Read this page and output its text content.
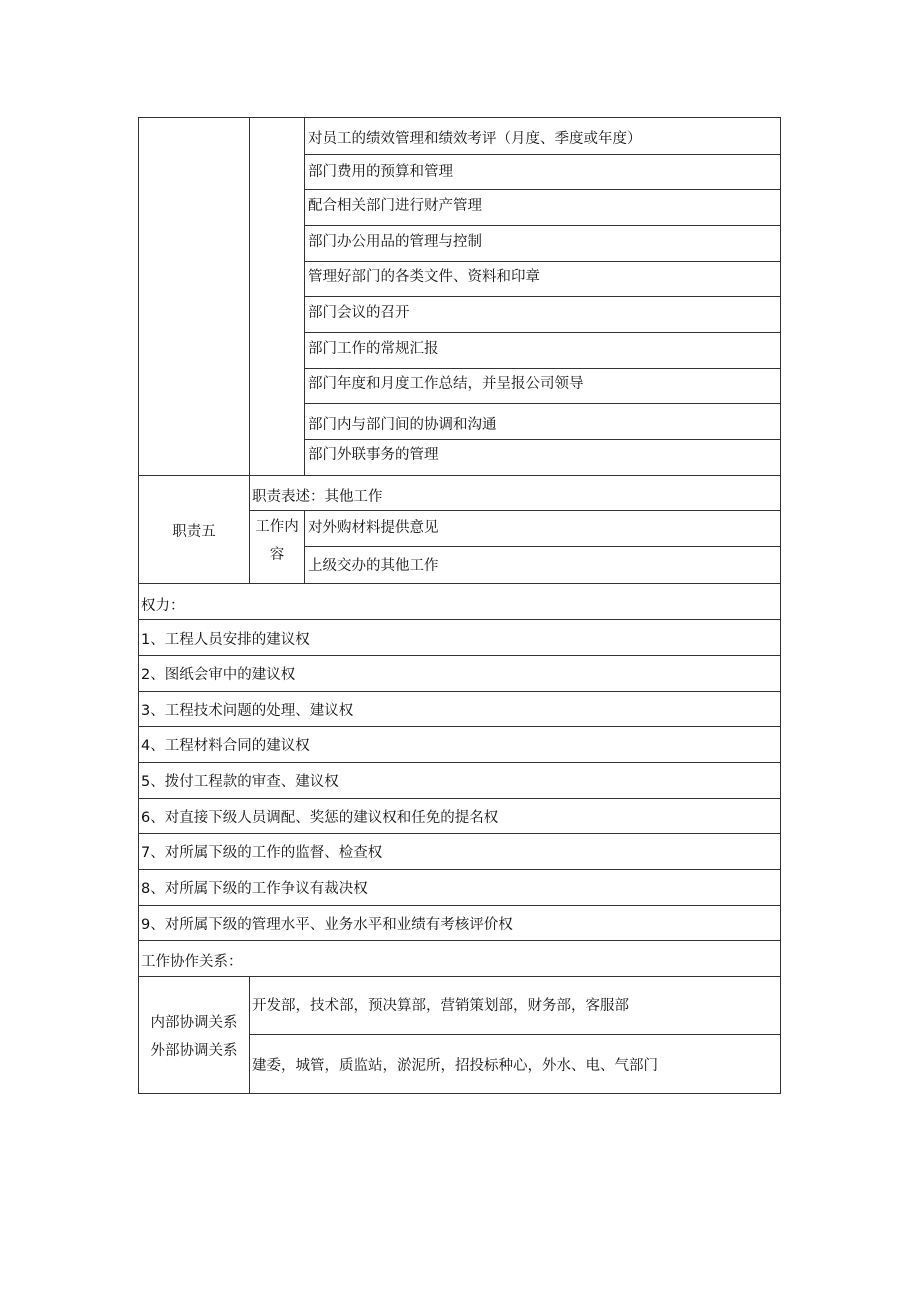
对员工的绩效管理和绩效考评（月度、季度或年度）
部门费用的预算和管理
配合相关部门进行财产管理
部门办公用品的管理与控制
管理好部门的各类文件、资料和印章
部门会议的召开
部门工作的常规汇报
部门年度和月度工作总结，并呈报公司领导
部门内与部门间的协调和沟通
部门外联事务的管理
职责五
职责表述：其他工作
工作内
容
对外购材料提供意见
上级交办的其他工作
权力：
1、工程人员安排的建议权
2、图纸会审中的建议权
3、工程技术问题的处理、建议权
4、工程材料合同的建议权
5、拨付工程款的审查、建议权
6、对直接下级人员调配、奖惩的建议权和任免的提名权
7、对所属下级的工作的监督、检查权
8、对所属下级的工作争议有裁决权
9、对所属下级的管理水平、业务水平和业绩有考核评价权
工作协作关系：
内部协调关系
开发部，技术部，预决算部，营销策划部，财务部，客服部
外部协调关系
建委，城管，质监站，淤泥所，招投标种心，外水、电、气部门
